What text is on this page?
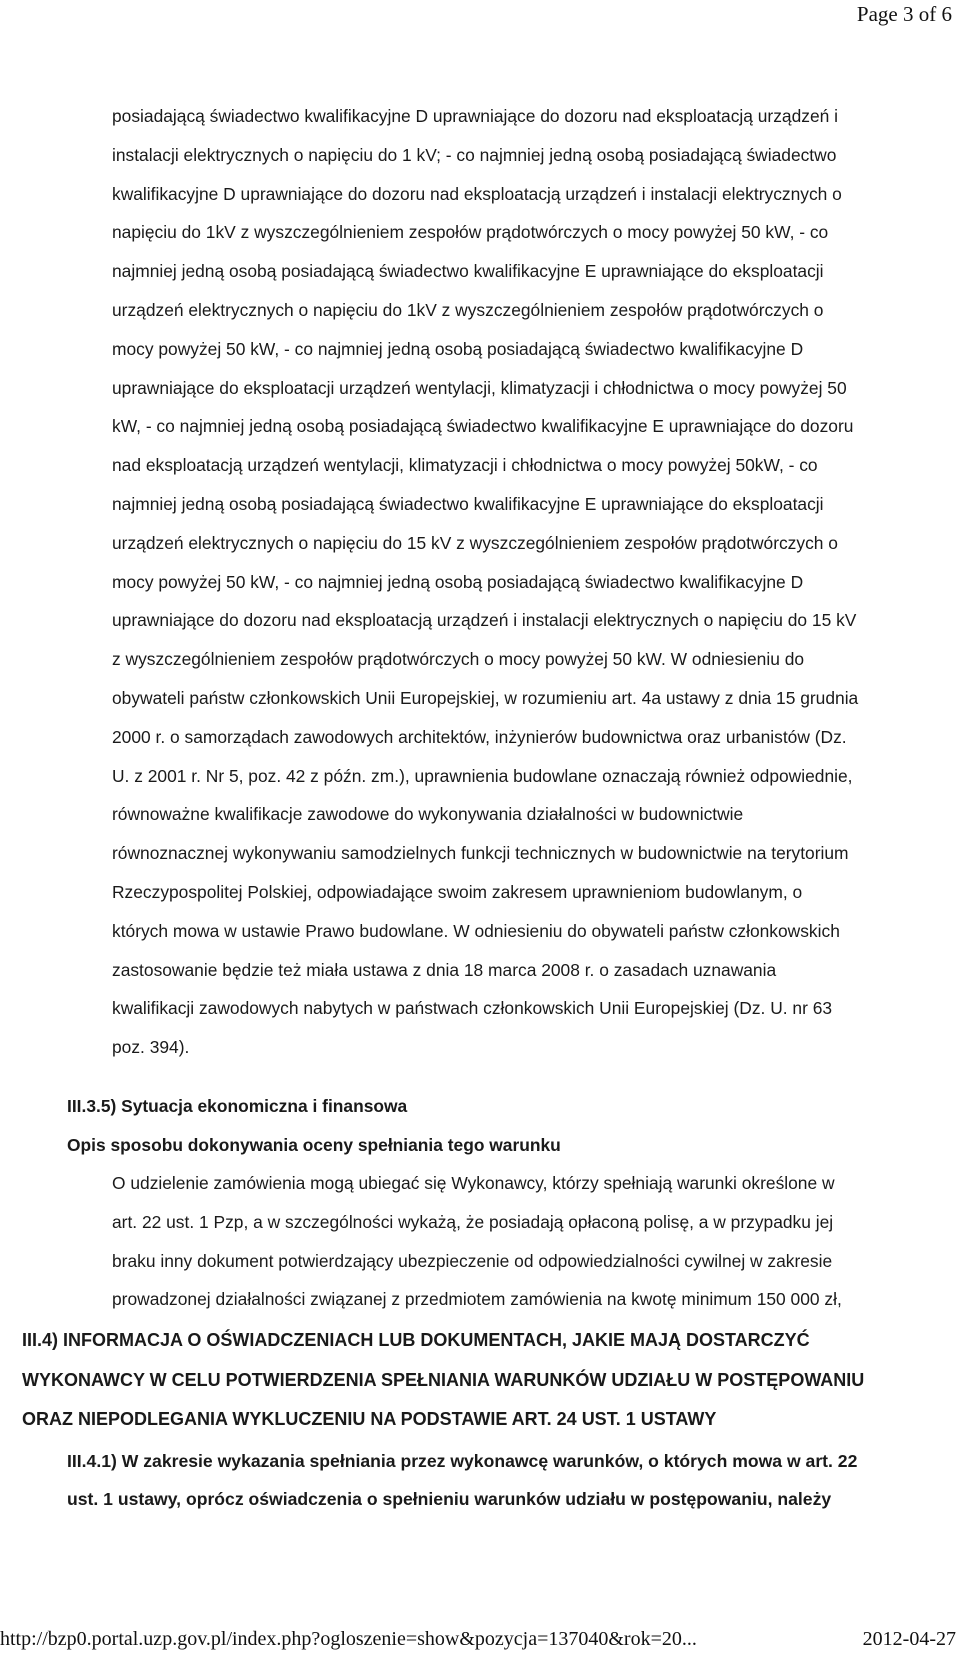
Page 3 of 6
posiadającą świadectwo kwalifikacyjne D uprawniające do dozoru nad eksploatacją urządzeń i
instalacji elektrycznych o napięciu do 1 kV; - co najmniej jedną osobą posiadającą świadectwo
kwalifikacyjne D uprawniające do dozoru nad eksploatacją urządzeń i instalacji elektrycznych o
napięciu do 1kV z wyszczególnieniem zespołów prądotwórczych o mocy powyżej 50 kW, - co
najmniej jedną osobą posiadającą świadectwo kwalifikacyjne E uprawniające do eksploatacji
urządzeń elektrycznych o napięciu do 1kV z wyszczególnieniem zespołów prądotwórczych o
mocy powyżej 50 kW, - co najmniej jedną osobą posiadającą świadectwo kwalifikacyjne D
uprawniające do eksploatacji urządzeń wentylacji, klimatyzacji i chłodnictwa o mocy powyżej 50
kW, - co najmniej jedną osobą posiadającą świadectwo kwalifikacyjne E uprawniające do dozoru
nad eksploatacją urządzeń wentylacji, klimatyzacji i chłodnictwa o mocy powyżej 50kW, - co
najmniej jedną osobą posiadającą świadectwo kwalifikacyjne E uprawniające do eksploatacji
urządzeń elektrycznych o napięciu do 15 kV z wyszczególnieniem zespołów prądotwórczych o
mocy powyżej 50 kW, - co najmniej jedną osobą posiadającą świadectwo kwalifikacyjne D
uprawniające do dozoru nad eksploatacją urządzeń i instalacji elektrycznych o napięciu do 15 kV
z wyszczególnieniem zespołów prądotwórczych o mocy powyżej 50 kW. W odniesieniu do
obywateli państw członkowskich Unii Europejskiej, w rozumieniu art. 4a ustawy z dnia 15 grudnia
2000 r. o samorządach zawodowych architektów, inżynierów budownictwa oraz urbanistów (Dz.
U. z 2001 r. Nr 5, poz. 42 z późn. zm.), uprawnienia budowlane oznaczają również odpowiednie,
równoważne kwalifikacje zawodowe do wykonywania działalności w budownictwie
równoznacznej wykonywaniu samodzielnych funkcji technicznych w budownictwie na terytorium
Rzeczypospolitej Polskiej, odpowiadające swoim zakresem uprawnieniom budowlanym, o
których mowa w ustawie Prawo budowlane. W odniesieniu do obywateli państw członkowskich
zastosowanie będzie też miała ustawa z dnia 18 marca 2008 r. o zasadach uznawania
kwalifikacji zawodowych nabytych w państwach członkowskich Unii Europejskiej (Dz. U. nr 63
poz. 394).
III.3.5) Sytuacja ekonomiczna i finansowa
Opis sposobu dokonywania oceny spełniania tego warunku
O udzielenie zamówienia mogą ubiegać się Wykonawcy, którzy spełniają warunki określone w
art. 22 ust. 1 Pzp, a w szczególności wykażą, że posiadają opłaconą polisę, a w przypadku jej
braku inny dokument potwierdzający ubezpieczenie od odpowiedzialności cywilnej w zakresie
prowadzonej działalności związanej z przedmiotem zamówienia na kwotę minimum 150 000 zł,
III.4) INFORMACJA O OŚWIADCZENIACH LUB DOKUMENTACH, JAKIE MAJĄ DOSTARCZYĆ
WYKONAWCY W CELU POTWIERDZENIA SPEŁNIANIA WARUNKÓW UDZIAŁU W POSTĘPOWANIU
ORAZ NIEPODLEGANIA WYKLUCZENIU NA PODSTAWIE ART. 24 UST. 1 USTAWY
III.4.1) W zakresie wykazania spełniania przez wykonawcę warunków, o których mowa w art. 22
ust. 1 ustawy, oprócz oświadczenia o spełnieniu warunków udziału w postępowaniu, należy
http://bzp0.portal.uzp.gov.pl/index.php?ogloszenie=show&pozycja=137040&rok=20...	2012-04-27
